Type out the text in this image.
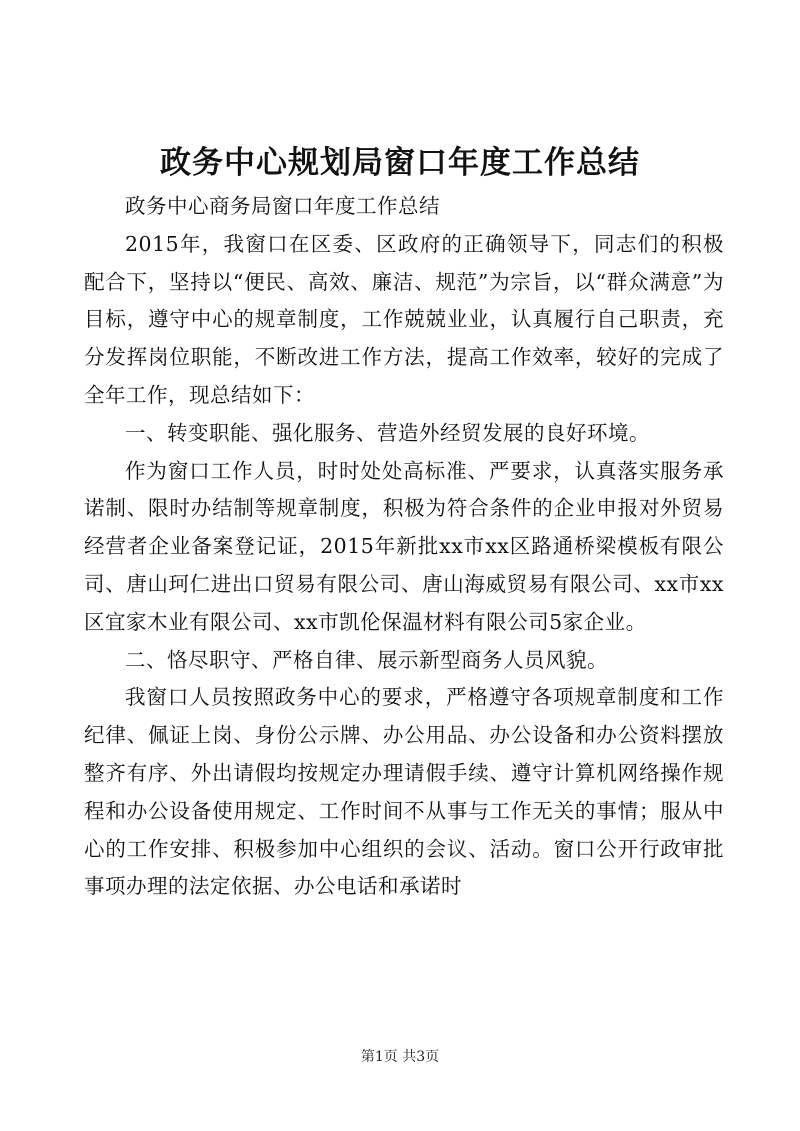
政务中心规划局窗口年度工作总结

政务中心商务局窗口年度工作总结

2015年，我窗口在区委、区政府的正确领导下，同志们的积极配合下，坚持以“便民、高效、廉洁、规范”为宗旨，以“群众满意”为目标，遵守中心的规章制度，工作兢兢业业，认真履行自己职责，充分发挥岗位职能，不断改进工作方法，提高工作效率，较好的完成了全年工作，现总结如下：

一、转变职能、强化服务、营造外经贸发展的良好环境。

作为窗口工作人员，时时处处高标准、严要求，认真落实服务承诺制、限时办结制等规章制度，积极为符合条件的企业申报对外贸易经营者企业备案登记证，2015年新批xx市xx区路通桥梁模板有限公司、唐山珂仁进出口贸易有限公司、唐山海威贸易有限公司、xx市xx区宜家木业有限公司、xx市凯伦保温材料有限公司5家企业。

二、恪尽职守、严格自律、展示新型商务人员风貌。

我窗口人员按照政务中心的要求，严格遵守各项规章制度和工作纪律、佩证上岗、身份公示牌、办公用品、办公设备和办公资料摆放整齐有序、外出请假均按规定办理请假手续、遵守计算机网络操作规程和办公设备使用规定、工作时间不从事与工作无关的事情；服从中心的工作安排、积极参加中心组织的会议、活动。窗口公开行政审批事项办理的法定依据、办公电话和承诺时

第1页 共3页
